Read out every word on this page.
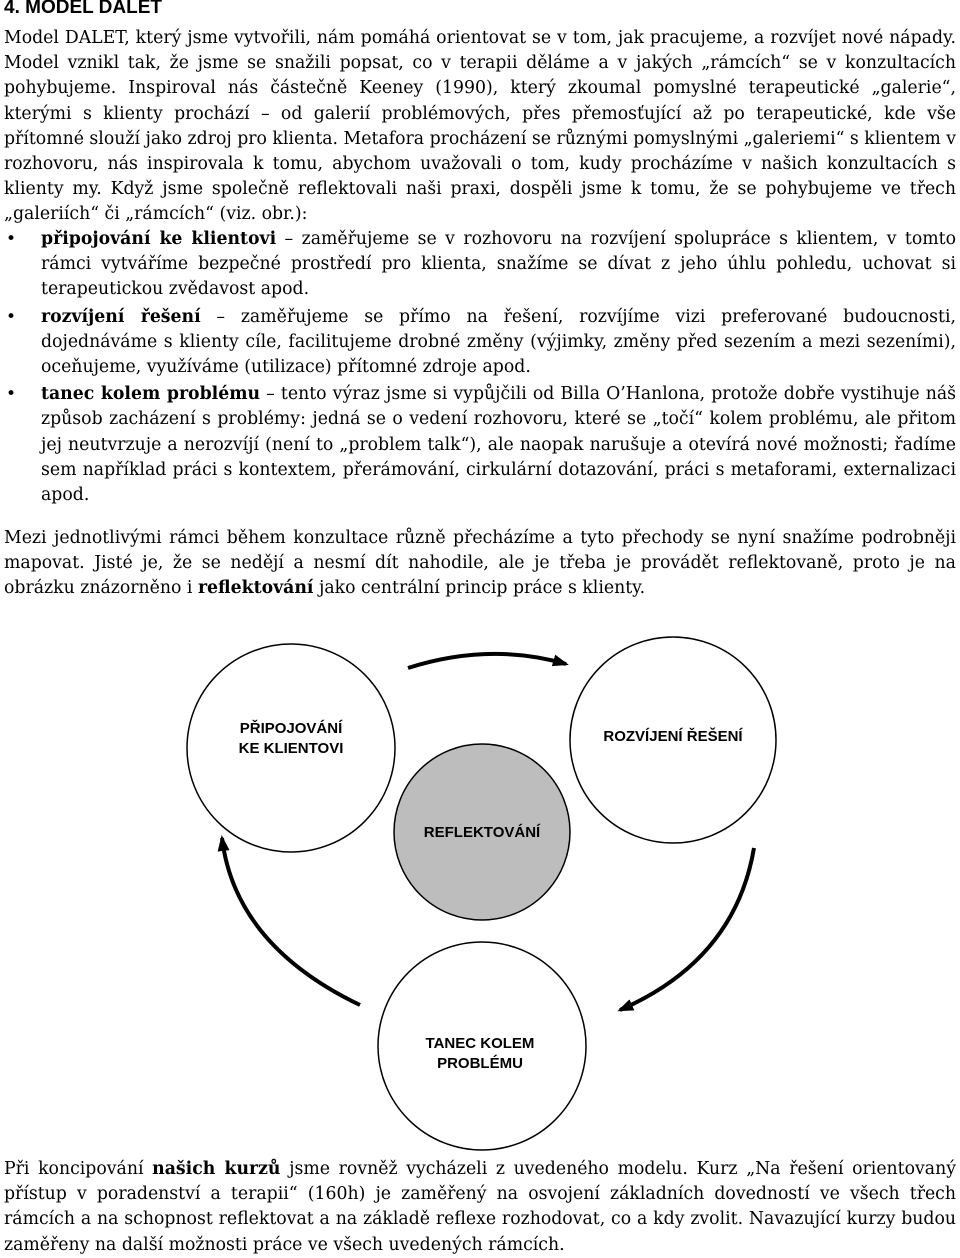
4. MODEL DALET

Model DALET, který jsme vytvořili, nám pomáhá orientovat se v tom, jak pracujeme, a rozvíjet nové nápady. Model vznikl tak, že jsme se snažili popsat, co v terapii děláme a v jakých „rámcích“ se v konzultacích pohybujeme. Inspiroval nás částečně Keeney (1990), který zkoumal pomyslné terapeutické „galerie“, kterými s klienty prochází – od galerií problémových, přes přemosťující až po terapeutické, kde vše přítomné slouží jako zdroj pro klienta. Metafora procházení se různými pomyslnými „galeriemi“ s klientem v rozhovoru, nás inspirovala k tomu, abychom uvažovali o tom, kudy procházíme v našich konzultacích s klienty my. Když jsme společně reflektovali naši praxi, dospěli jsme k tomu, že se pohybujeme ve třech „galeriích“ či „rámcích“ (viz. obr.):

• připojování ke klientovi – zaměřujeme se v rozhovoru na rozvíjení spolupráce s klientem, v tomto rámci vytváříme bezpečné prostředí pro klienta, snažíme se dívat z jeho úhlu pohledu, uchovat si terapeutickou zvědavost apod.
• rozvíjení řešení – zaměřujeme se přímo na řešení, rozvíjíme vizi preferované budoucnosti, dojednáváme s klienty cíle, facilitujeme drobné změny (výjimky, změny před sezením a mezi sezeními), oceňujeme, využíváme (utilizace) přítomné zdroje apod.
• tanec kolem problému – tento výraz jsme si vypůjčili od Billa O’Hanlona, protože dobře vystihuje náš způsob zacházení s problémy: jedná se o vedení rozhovoru, které se „točí“ kolem problému, ale přitom jej neutvrzuje a nerozvíjí (není to „problem talk“), ale naopak narušuje a otevírá nové možnosti; řadíme sem například práci s kontextem, přerámování, cirkulární dotazování, práci s metaforami, externalizaci apod.

Mezi jednotlivými rámci během konzultace různě přecházíme a tyto přechody se nyní snažíme podrobněji mapovat. Jisté je, že se nedějí a nesmí dít nahodile, ale je třeba je provádět reflektovaně, proto je na obrázku znázorněno i reflektování jako centrální princip práce s klienty.

PŘIPOJOVÁNÍ
KE KLIENTOVI
ROZVÍJENÍ ŘEŠENÍ
REFLEKTOVÁNÍ
TANEC KOLEM
PROBLÉMU

Při koncipování našich kurzů jsme rovněž vycházeli z uvedeného modelu. Kurz „Na řešení orientovaný přístup v poradenství a terapii“ (160h) je zaměřený na osvojení základních dovedností ve všech třech rámcích a na schopnost reflektovat a na základě reflexe rozhodovat, co a kdy zvolit. Navazující kurzy budou zaměřeny na další možnosti práce ve všech uvedených rámcích.
